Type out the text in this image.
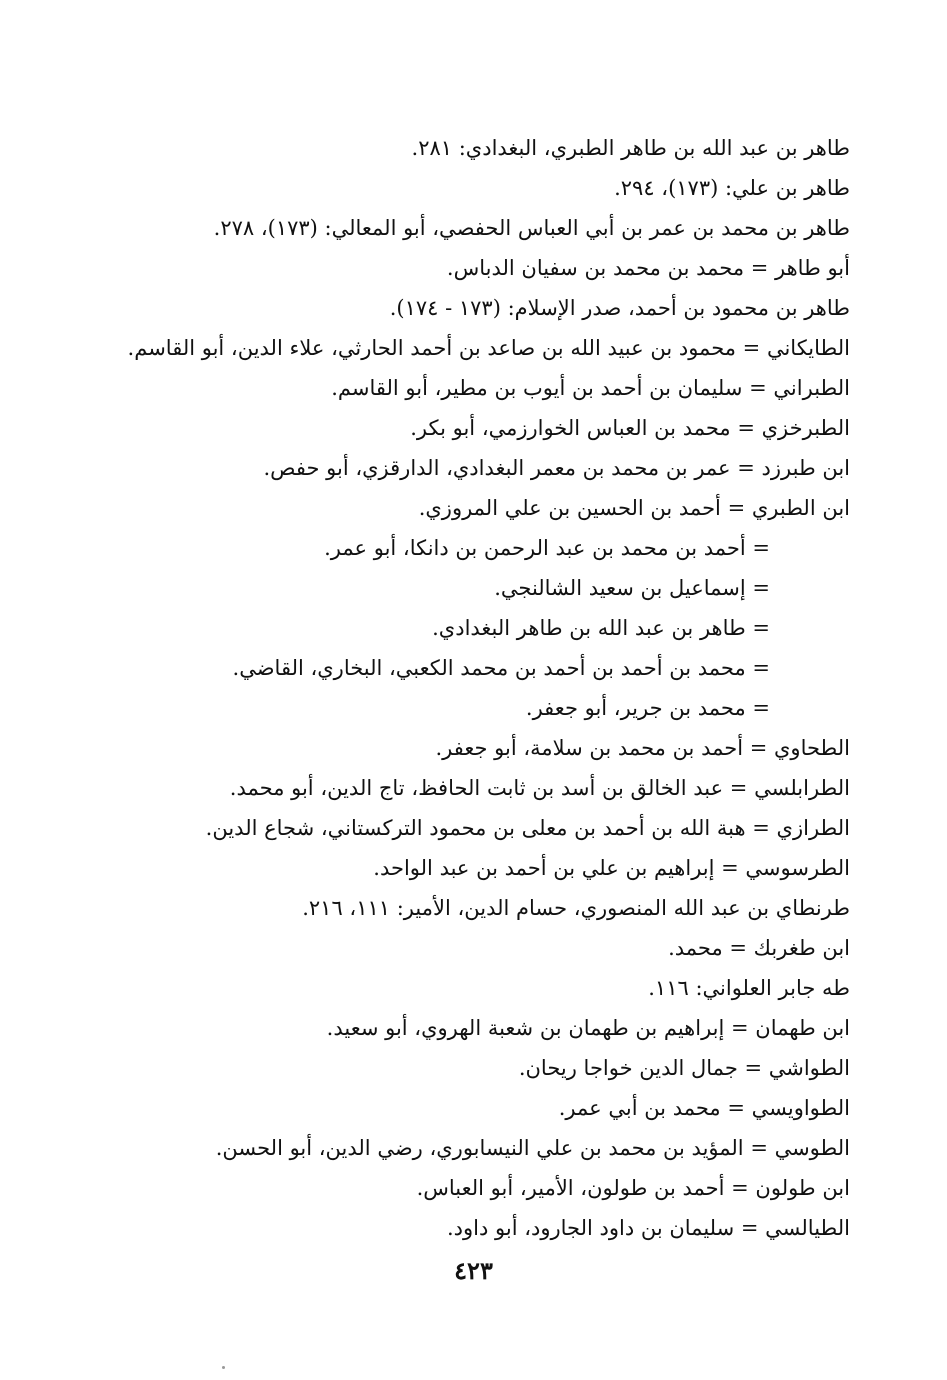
طاهر بن عبد الله بن طاهر الطبري، البغدادي: ٢٨١.
طاهر بن علي: (١٧٣)، ٢٩٤.
طاهر بن محمد بن عمر بن أبي العباس الحفصي، أبو المعالي: (١٧٣)، ٢٧٨.
أبو طاهر = محمد بن محمد بن سفيان الدباس.
طاهر بن محمود بن أحمد، صدر الإسلام: (١٧٣ - ١٧٤).
الطايكاني = محمود بن عبيد الله بن صاعد بن أحمد الحارثي، علاء الدين، أبو القاسم.
الطبراني = سليمان بن أحمد بن أيوب بن مطير، أبو القاسم.
الطبرخزي = محمد بن العباس الخوارزمي، أبو بكر.
ابن طبرزد = عمر بن محمد بن معمر البغدادي، الدارقزي، أبو حفص.
ابن الطبري = أحمد بن الحسين بن علي المروزي.
= أحمد بن محمد بن عبد الرحمن بن دانكا، أبو عمر.
= إسماعيل بن سعيد الشالنجي.
= طاهر بن عبد الله بن طاهر البغدادي.
= محمد بن أحمد بن أحمد بن محمد الكعبي، البخاري، القاضي.
= محمد بن جرير، أبو جعفر.
الطحاوي = أحمد بن محمد بن سلامة، أبو جعفر.
الطرابلسي = عبد الخالق بن أسد بن ثابت الحافظ، تاج الدين، أبو محمد.
الطرازي = هبة الله بن أحمد بن معلى بن محمود التركستاني، شجاع الدين.
الطرسوسي = إبراهيم بن علي بن أحمد بن عبد الواحد.
طرنطاي بن عبد الله المنصوري، حسام الدين، الأمير: ١١١، ٢١٦.
ابن طغربك = محمد.
طه جابر العلواني: ١١٦.
ابن طهمان = إبراهيم بن طهمان بن شعبة الهروي، أبو سعيد.
الطواشي = جمال الدين خواجا ريحان.
الطواويسي = محمد بن أبي عمر.
الطوسي = المؤيد بن محمد بن علي النيسابوري، رضي الدين، أبو الحسن.
ابن طولون = أحمد بن طولون، الأمير، أبو العباس.
الطيالسي = سليمان بن داود الجارود، أبو داود.
٤٢٣
